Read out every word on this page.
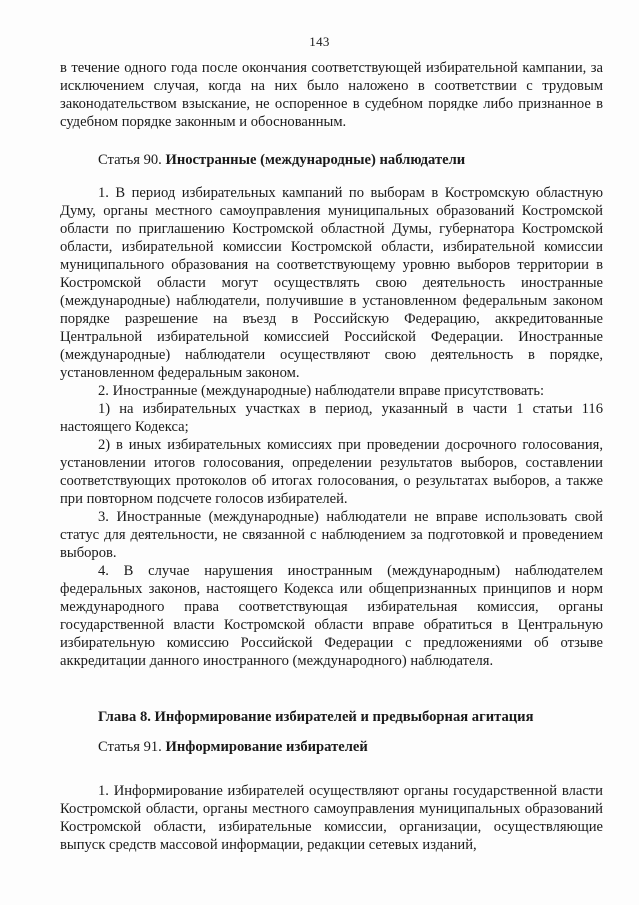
143

в течение одного года после окончания соответствующей избирательной кампании, за исключением случая, когда на них было наложено в соответствии с трудовым законодательством взыскание, не оспоренное в судебном порядке либо признанное в судебном порядке законным и обоснованным.

Статья 90. Иностранные (международные) наблюдатели

1. В период избирательных кампаний по выборам в Костромскую областную Думу, органы местного самоуправления муниципальных образований Костромской области по приглашению Костромской областной Думы, губернатора Костромской области, избирательной комиссии Костромской области, избирательной комиссии муниципального образования на соответствующему уровню выборов территории в Костромской области могут осуществлять свою деятельность иностранные (международные) наблюдатели, получившие в установленном федеральным законом порядке разрешение на въезд в Российскую Федерацию, аккредитованные Центральной избирательной комиссией Российской Федерации. Иностранные (международные) наблюдатели осуществляют свою деятельность в порядке, установленном федеральным законом.

2. Иностранные (международные) наблюдатели вправе присутствовать:

1) на избирательных участках в период, указанный в части 1 статьи 116 настоящего Кодекса;

2) в иных избирательных комиссиях при проведении досрочного голосования, установлении итогов голосования, определении результатов выборов, составлении соответствующих протоколов об итогах голосования, о результатах выборов, а также при повторном подсчете голосов избирателей.

3. Иностранные (международные) наблюдатели не вправе использовать свой статус для деятельности, не связанной с наблюдением за подготовкой и проведением выборов.

4. В случае нарушения иностранным (международным) наблюдателем федеральных законов, настоящего Кодекса или общепризнанных принципов и норм международного права соответствующая избирательная комиссия, органы государственной власти Костромской области вправе обратиться в Центральную избирательную комиссию Российской Федерации с предложениями об отзыве аккредитации данного иностранного (международного) наблюдателя.

Глава 8. Информирование избирателей и предвыборная агитация

Статья 91. Информирование избирателей

1. Информирование избирателей осуществляют органы государственной власти Костромской области, органы местного самоуправления муниципальных образований Костромской области, избирательные комиссии, организации, осуществляющие выпуск средств массовой информации, редакции сетевых изданий,
